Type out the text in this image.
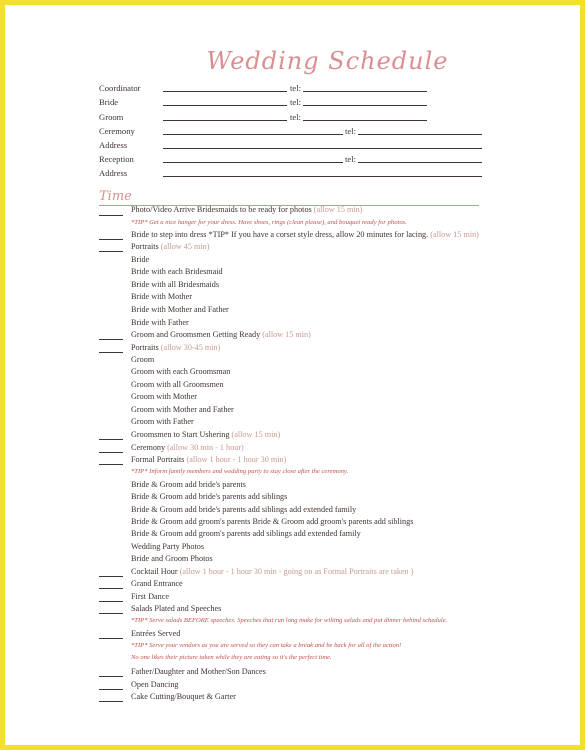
Wedding Schedule
Coordinator	tel:
Bride	tel:
Groom	tel:
Ceremony	tel:
Address
Reception	tel:
Address
Time
Photo/Video Arrive Bridesmaids to be ready for photos (allow 15 min)
*TIP* Get a nice hanger for your dress. Have shoes, rings (clean please), and bouquet ready for photos.
Bride to step into dress *TIP* If you have a corset style dress, allow 20 minutes for lacing. (allow 15 min)
Portraits (allow 45 min)
Bride
Bride with each Bridesmaid
Bride with all Bridesmaids
Bride with Mother
Bride with Mother and Father
Bride with Father
Groom and Groomsmen Getting Ready (allow 15 min)
Portraits (allow 30-45 min)
Groom
Groom with each Groomsman
Groom with all Groomsmen
Groom with Mother
Groom with Mother and Father
Groom with Father
Groomsmen to Start Ushering (allow 15 min)
Ceremony (allow 30 min - 1 hour)
Formal Portraits (allow 1 hour - 1 hour 30 min)
*TIP* Inform family members and wedding party to stay close after the ceremony.
Bride & Groom add bride's parents
Bride & Groom add bride's parents add siblings
Bride & Groom add bride's parents add siblings add extended family
Bride & Groom add groom's parents Bride & Groom add groom's parents add siblings
Bride & Groom add groom's parents add siblings add extended family
Wedding Party Photos
Bride and Groom Photos
Cocktail Hour (allow 1 hour - 1 hour 30 min - going on as Formal Portraits are taken )
Grand Entrance
First Dance
Salads Plated and Speeches
*TIP* Serve salads BEFORE speeches. Speeches that run long make for wilting salads and put dinner behind schedule.
Entrées Served
*TIP* Serve your vendors as you are served so they can take a break and be back for all of the action!
No one likes their picture taken while they are eating so it's the perfect time.
Father/Daughter and Mother/Son Dances
Open Dancing
Cake Cutting/Bouquet & Garter
